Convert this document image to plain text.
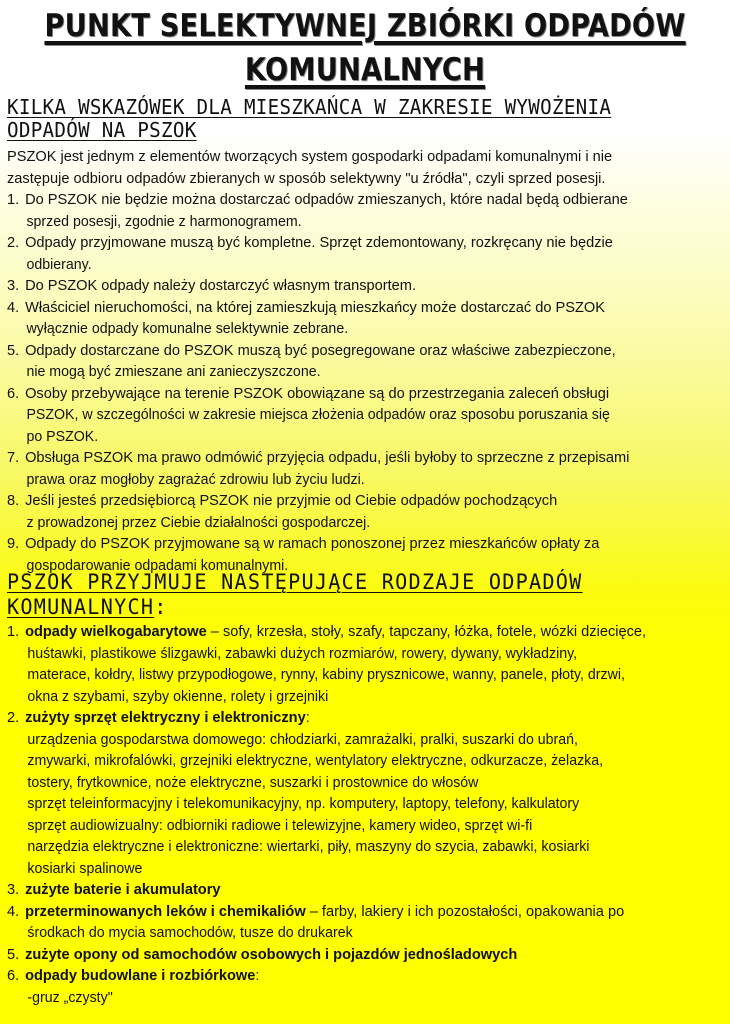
PUNKT SELEKTYWNEJ ZBIÓRKI ODPADÓW
KOMUNALNYCH
KILKA WSKAZÓWEK DLA MIESZKAŃCA W ZAKRESIE WYWOŻENIA
ODPADÓW NA PSZOK
PSZOK jest jednym z elementów tworzących system gospodarki odpadami komunalnymi i nie
zastępuje odbioru odpadów zbieranych w sposób selektywny "u źródła", czyli sprzed posesji.
1. Do PSZOK nie będzie można dostarczać odpadów zmieszanych, które nadal będą odbierane
sprzed posesji, zgodnie z harmonogramem.
2. Odpady przyjmowane muszą być kompletne. Sprzęt zdemontowany, rozkręcany nie będzie
odbierany.
3. Do PSZOK odpady należy dostarczyć własnym transportem.
4. Właściciel nieruchomości, na której zamieszkują mieszkańcy może dostarczać do PSZOK
wyłącznie odpady komunalne selektywnie zebrane.
5. Odpady dostarczane do PSZOK muszą być posegregowane oraz właściwe zabezpieczone,
nie mogą być zmieszane ani zanieczyszczone.
6. Osoby przebywające na terenie PSZOK obowiązane są do przestrzegania zaleceń obsługi
PSZOK, w szczególności w zakresie miejsca złożenia odpadów oraz sposobu poruszania się
po PSZOK.
7. Obsługa PSZOK ma prawo odmówić przyjęcia odpadu, jeśli byłoby to sprzeczne z przepisami
prawa oraz mogłoby zagrażać zdrowiu lub życiu ludzi.
8. Jeśli jesteś przedsiębiorcą PSZOK nie przyjmie od Ciebie odpadów pochodzących
z prowadzonej przez Ciebie działalności gospodarczej.
9. Odpady do PSZOK przyjmowane są w ramach ponoszonej przez mieszkańców opłaty za
gospodarowanie odpadami komunalnymi.
PSZOK PRZYJMUJE NASTĘPUJĄCE RODZAJE ODPADÓW
KOMUNALNYCH:
1. odpady wielkogabarytowe – sofy, krzesła, stoły, szafy, tapczany, łóżka, fotele, wózki dziecięce,
huśtawki, plastikowe ślizgawki, zabawki dużych rozmiarów, rowery, dywany, wykładziny,
materace, kołdry, listwy przypodłogowe, rynny, kabiny prysznicowe, wanny, panele, płoty, drzwi,
okna z szybami, szyby okienne, rolety i grzejniki
2. zużyty sprzęt elektryczny i elektroniczny:
urządzenia gospodarstwa domowego: chłodziarki, zamrażalki, pralki, suszarki do ubrań,
zmywarki, mikrofalówki, grzejniki elektryczne, wentylatory elektryczne, odkurzacze, żelazka,
tostery, frytkownice, noże elektryczne, suszarki i prostownice do włosów
sprzęt teleinformacyjny i telekomunikacyjny, np. komputery, laptopy, telefony, kalkulatory
sprzęt audiowizualny: odbiorniki radiowe i telewizyjne, kamery wideo, sprzęt wi-fi
narzędzia elektryczne i elektroniczne: wiertarki, piły, maszyny do szycia, zabawki, kosiarki
kosiarki spalinowe
3. zużyte baterie i akumulatory
4. przeterminowanych leków i chemikaliów – farby, lakiery i ich pozostałości, opakowania po
środkach do mycia samochodów, tusze do drukarek
5. zużyte opony od samochodów osobowych i pojazdów jednośladowych
6. odpady budowlane i rozbiórkowe:
-gruz „czysty"
